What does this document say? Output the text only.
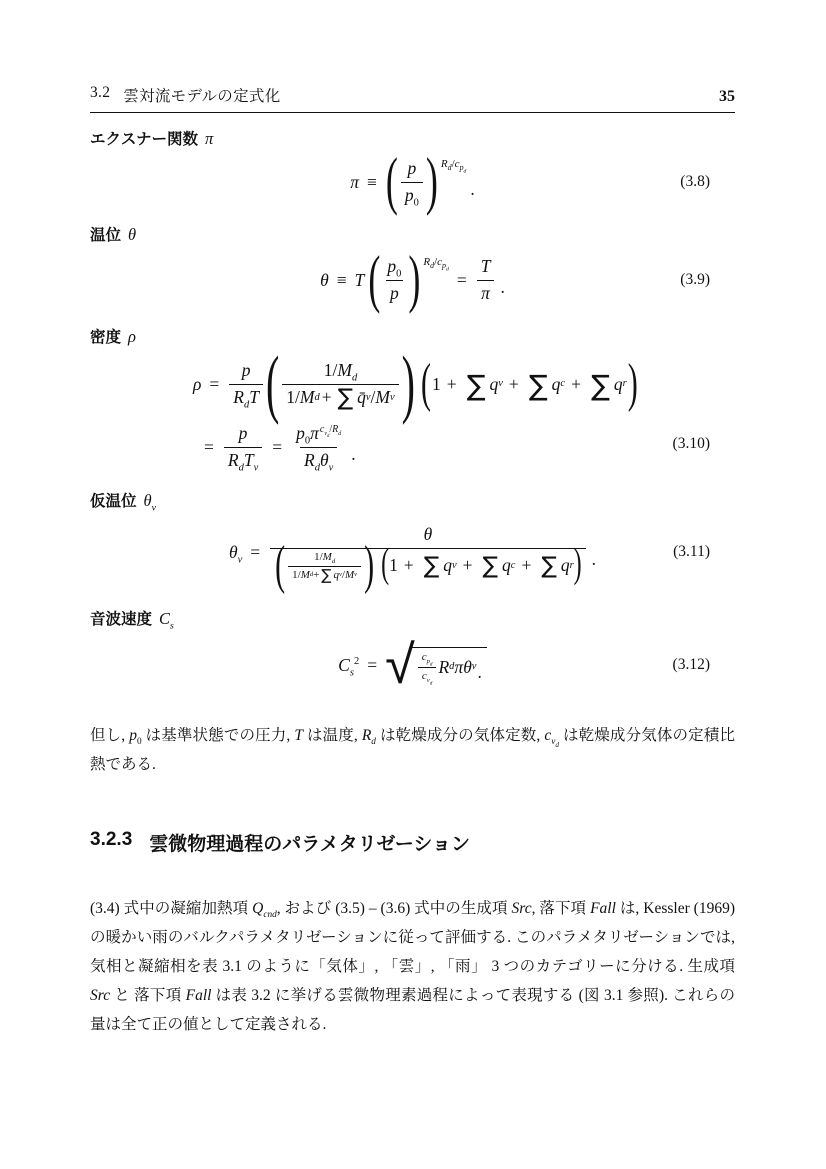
3.2 雲対流モデルの定式化	35
エクスナー関数 π
π ≡ ( $\frac{p}{p_0}$ ) $R_d/c_{p_d}$
.	(3.8)
温位 θ
θ ≡ T ( $\frac{p_0}{p}$ ) $R_d/c_{p_d} = \frac{T}{\pi}$ .	(3.9)
密度 ρ
$\rho = \frac{p}{R_dT}$ ( $\frac{1/M_d}{\text{1/ M d + ∑ q̄ v / M v}}$ ) ( 1 + ∑ q v + ∑ q c + ∑ q r )
= $\frac{p}{R_dT_v} = \frac{p_0\pi^{c_{v_d}/R_d}}{R_d\theta_v}$ .	(3.10)
仮温位 $\theta_v$
$\theta_v$ =
θ
( $\frac{1/M_d}{\text{1/ M d + ∑ q v / M v}}$ ) ( 1 + ∑ q v + ∑ q c + ∑ q r ) .	(3.11)
音波速度 $C_s$
$C_s^2$ = √ $\frac{c_{p_d}}{c_{v_d}}$ R d π θ v .	(3.12)

但し, $p_0$ は基準状態での圧力, T は温度, $R_d$ は乾燥成分の気体定数, $c_{v_d}$ は乾燥成分気体の定積比熱である.

3.2.3 雲微物理過程のパラメタリゼーション

(3.4) 式中の凝縮加熱項 $Q_{cnd}$, および (3.5) – (3.6) 式中の生成項 Src, 落下項 Fall は, Kessler (1969) の暖かい雨のバルクパラメタリゼーションに従って評価する. このパラメタリゼーションでは, 気相と凝縮相を表 3.1 のように「気体」, 「雲」, 「雨」 3 つのカテゴリーに分ける. 生成項 Src と 落下項 Fall は表 3.2 に挙げる雲微物理素過程によって表現する (図 3.1 参照). これらの量は全て正の値として定義される.
